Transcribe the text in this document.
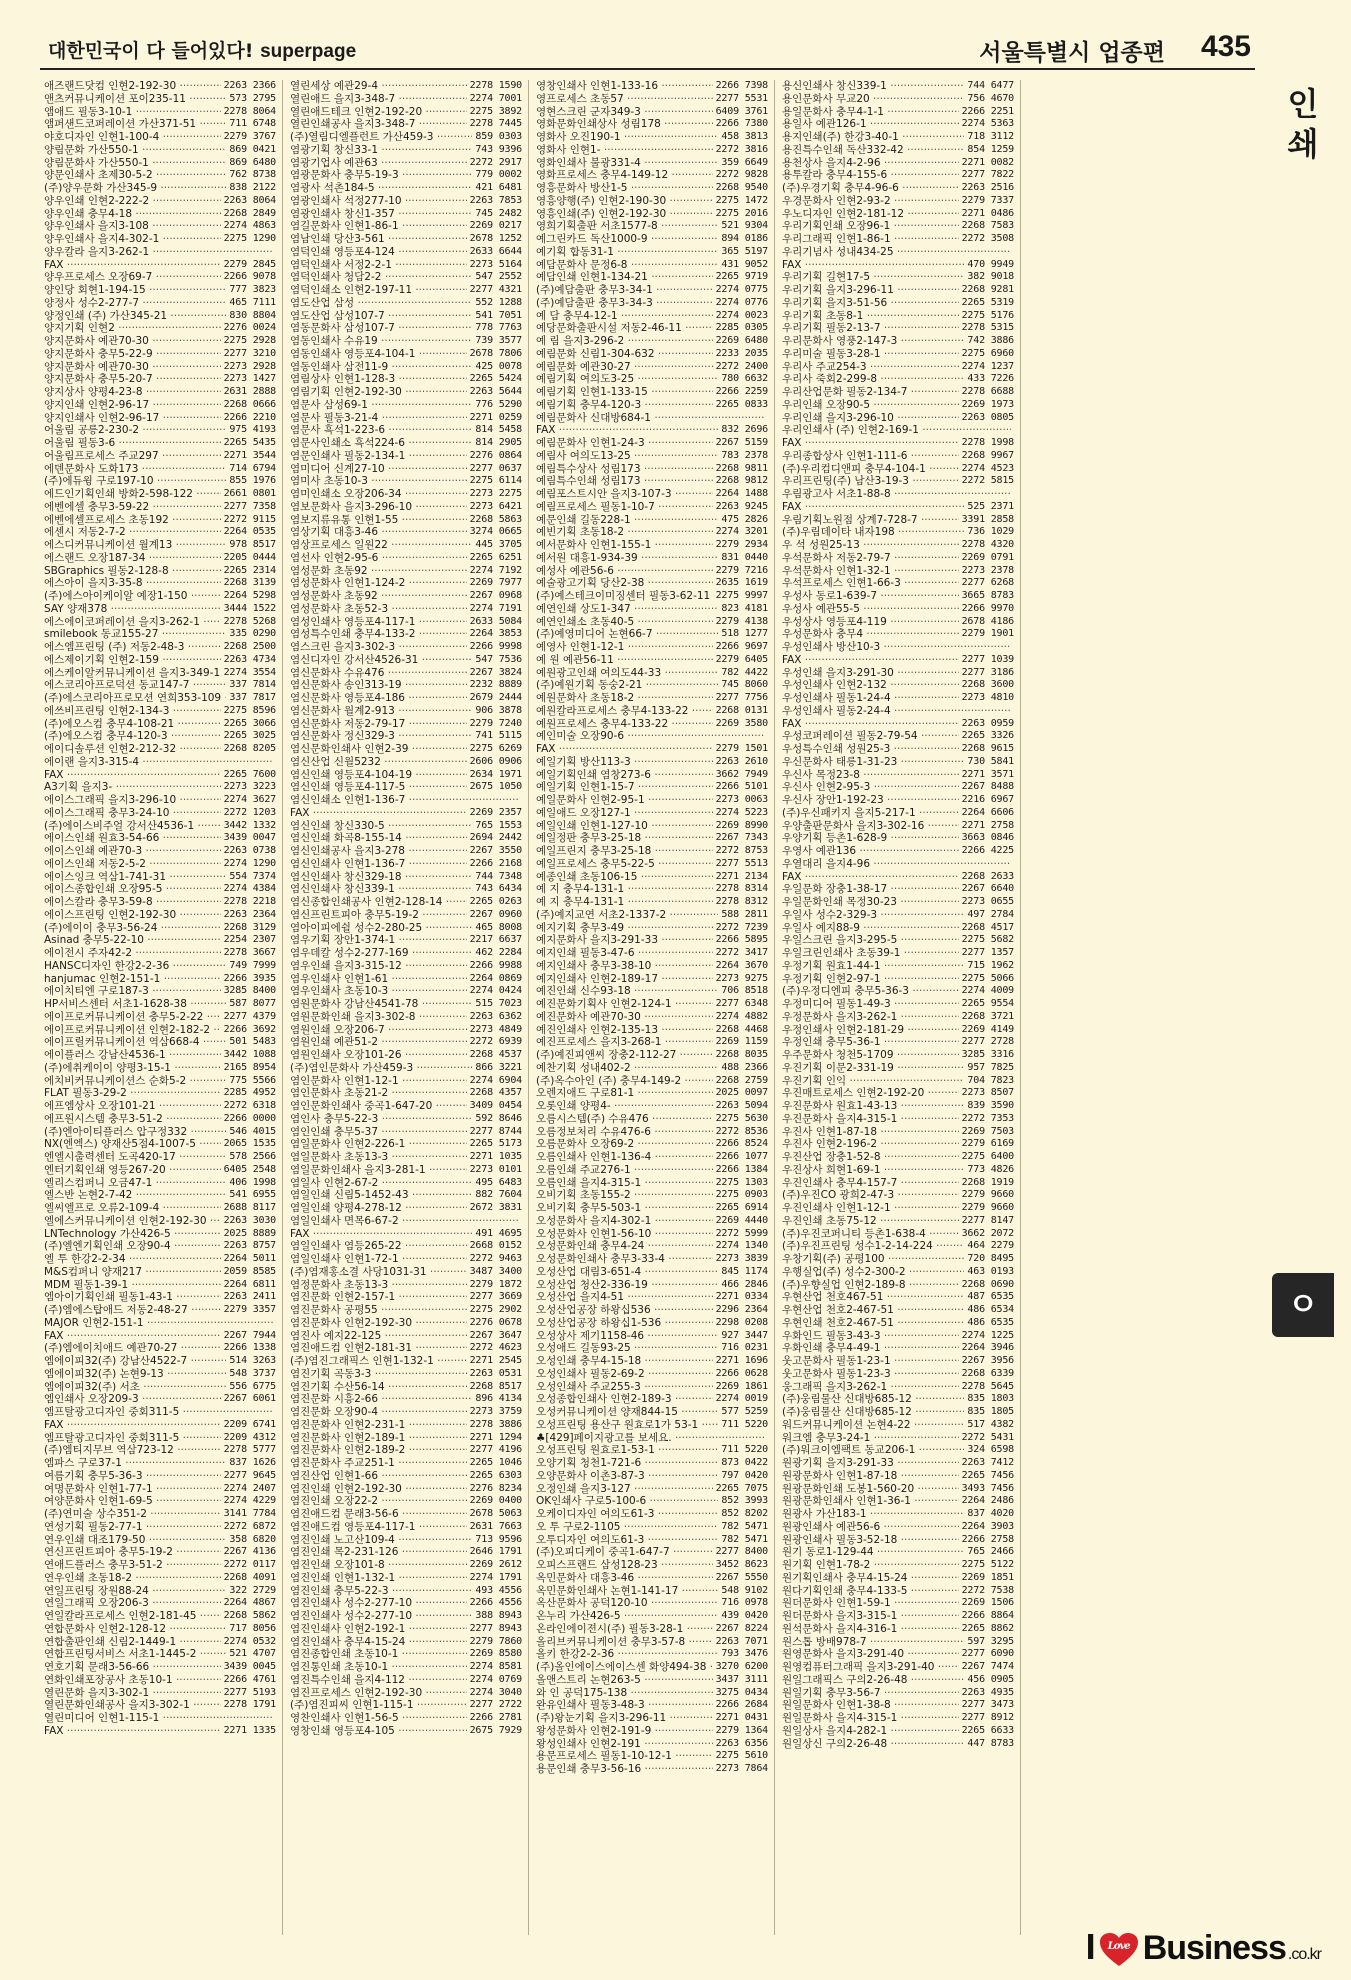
대한민국이 다 들어있다! superpage	서울특별시 업종편 435
인
쇄
ㅇ
애즈랜드닷컴 인현2-192-30 ·····	2263 2366
앤츠커뮤니케이션 포이235-11 ·····	573 2795
앰애드 필동3-10-1 ·····	2278 8064
앰퍼샌드코퍼레이션 가산371-51 ·····	711 6748
야호디자인 인현1-100-4 ·····	2279 3767
양림문화 가산550-1 ·····	869 0421
양림문화사 가산550-1 ·····	869 6480
양문인쇄사 초제30-5-2 ·····	762 8738
(주)양우문화 가산345-9 ·····	838 2122
양우인쇄 인현2-222-2 ·····	2263 8064
양우인쇄 충무4-18 ·····	2268 2849
양우인쇄사 을지3-108 ·····	2274 4863
양우인쇄사 을지4-302-1 ·····	2275 1290
양우칼라 을지3-262-1 ·····
FAX ·····	2279 2845
양우프로세스 오장69-7 ·····	2266 9078
양인당 회현1-194-15 ·····	777 3823
양정사 성수2-277-7 ·····	465 7111
양정인쇄 (주) 가산345-21 ·····	830 8804
양지기획 인현2 ·····	2276 0024
양지문화사 예관70-30 ·····	2275 2928
양지문화사 충무5-22-9 ·····	2277 3210
양지문화사 예관70-30 ·····	2273 2928
양지문화사 충무5-20-7 ·····	2273 1427
양지상사 양평4-23-8 ·····	2631 2888
양지인쇄 인현2-96-17 ·····	2268 0666
양지인쇄사 인현2-96-17 ·····	2266 2210
어울림 공릉2-230-2 ·····	975 4193
어울림 필동3-6 ·····	2265 5435
어울림프로세스 주교297 ·····	2271 3544
에덴문화사 도화173 ·····	714 6794
(주)에듀윙 구로197-10 ·····	855 1976
에드인기획인쇄 방화2-598-122 ·····	2661 0801
에벤에셀 충무3-59-22 ·····	2277 7358
에벤에셀프로세스 초동192 ·····	2272 9115
에센시 저동2-7-2 ·····	2264 0535
에스디커뮤니케이션 월계13 ·····	978 8517
에스랜드 오장187-34 ·····	2205 0444
SBGraphics 필동2-128-8 ·····	2265 2314
에스아이 을지3-35-8 ·····	2268 3139
(주)에스아이케이알 예장1-150 ·····	2264 5298
SAY 양재378 ·····	3444 1522
에스에이코퍼레이션 을지3-262-1 ·····	2278 5268
smilebook 동교155-27 ·····	335 0290
에스엠프린팅 (주) 저동2-48-3 ·····	2268 2500
에스제이기획 인현2-159 ·····	2263 4734
에스케이알커뮤니케이션 을지3-349-1 ····· 2274 3554
에스코리아프로덕션 동교147-7 ·····	337 7814
(주)에스코리아프로모션 연희353-109 ····· 337 7817
에쓰비프린팅 인현2-134-3 ·····	2275 8596
(주)에오스컴 충무4-108-21 ·····	2265 3066
(주)에오스컴 충무4-120-3 ·····	2265 3025
에이디솔루션 인현2-212-32 ·····	2268 8205
에이랜 을지3-315-4 ·····
FAX ·····	2265 7600
A3기획 을지3- ·····	2273 3223
에이스그래픽 을지3-296-10 ·····	2274 3627
에이스그래픽 충무3-24-10 ·····	2272 1203
(주)에이스비주얼 강서산4536-1 ·····	3442 1332
에이스인쇄 원효3-54-66 ·····	3439 0047
에이스인쇄 예관70-3 ·····	2263 0738
에이스인쇄 저동2-5-2 ·····	2274 1290
에이스잉크 역삼1-741-31 ·····	554 7374
에이스종합인쇄 오장95-5 ·····	2274 4384
에이스칼라 충무3-59-8 ·····	2278 2218
에이스프린팅 인현2-192-30 ·····	2263 2364
(주)에이이 충무3-56-24 ·····	2268 3129
Asinad 충무5-22-10 ·····	2254 2307
에이전시 주자42-2 ·····	2278 3667
HANSC디자인 한강2-2-36 ·····	749 7999
hanjumac 인현2-151-1 ·····	2266 3935
에이치티엔 구로187-3 ·····	3285 8400
HP서비스센터 서초1-1628-38 ·····	587 8077
에이프로커뮤니케이션 충무5-2-22 ·····	2277 4379
에이프로커뮤니케이션 인현2-182-2 ·····	2266 3692
에이프릴커뮤니케이션 역삼668-4 ·····	501 5483
에이플러스 강남산4536-1 ·····	3442 1088
(주)에취케이이 양평3-15-1 ·····	2165 8954
에치비커뮤니케이션스 순화5-2 ·····	775 5566
FLAT 필동3-29-2 ·····	2285 4952
에프엠상사 오장101-21 ·····	2272 6318
에프원시스템 충무3-51-2 ·····	2266 0000
(주)엔아이티플러스 압구정332 ·····	546 4015
NX(엔엑스) 양재산5점4-1007-5 ·····	2065 1535
엔엘시출력센터 도곡420-17 ·····	578 2566
엔터기획인쇄 영등267-20 ·····	6405 2548
엘리스컴퍼니 오금47-1 ·····	406 1998
엘스반 논현2-7-42 ·····	541 6955
엘씨엘프로 오류2-109-4 ·····	2688 8117
엘에스커뮤니케이션 인현2-192-30 ·····	2263 3030
LNTechnology 가산426-5 ·····	2025 8889
(주)엘엔기획인쇄 오장90-4 ·····	2263 8757
엘 투 한강2-2-34 ·····	2264 5011
M&S컴퍼니 양재217 ·····	2059 8585
MDM 필동1-39-1 ·····	2264 6811
엠아이기획인쇄 필동1-43-1 ·····	2263 2411
(주)엠에스탑애드 저동2-48-27 ·····	2279 3357
MAJOR 인현2-151-1 ·····
FAX ·····	2267 7944
(주)엠에이치애드 예관70-27 ·····	2266 1338
엠에이피32(주) 강남산4522-7 ·····	514 3263
엠에이피32(주) 논현9-13 ·····	548 3737
엠에이피32(주) 서초 ·····	556 6775
엠인쇄사 오장209-3 ·····	2267 6061
엠프탈광고디자인 중회311-5 ·····
FAX ·····	2209 6741
엠프탈광고디자인 중회311-5 ·····	2209 4312
(주)엠티지무브 역삼723-12 ·····	2278 5777
엠파스 구로37-1 ·····	837 1626
여름기획 충무5-36-3 ·····	2277 9645
여명문화사 인현1-77-1 ·····	2274 2407
여양문화사 인현1-69-5 ·····	2274 4229
(주)연미술 상수351-2 ·····	3141 7784
연성기획 필동2-77-1 ·····	2272 6872
연우인쇄 대조179-50 ·····	358 6820
연신프린트피아 충무5-19-2 ·····	2267 4136
연애드플러스 충무3-51-2 ·····	2272 0117
연우인쇄 초동18-2 ·····	2268 4091
연일프린팅 장원88-24 ·····	322 2729
연일그래픽 오장206-3 ·····	2264 4867
연일칼라프로세스 인현2-181-45 ·····	2268 5862
연합문화사 인현2-128-12 ·····	717 8056
연합출판인쇄 신림2-1449-1 ·····	2274 0532
연합프린팅서비스 서초1-1445-2 ·····	521 4707
연호기획 문래3-56-66 ·····	3439 0045
연화인쇄포장공사 초동10-1 ·····	2266 4761
열린문화 을지3-302-1 ·····	2277 5193
열린문화인쇄공사 을지3-302-1 ·····	2278 1791
열린미디어 인현1-115-1 ·····
FAX ·····	2271 1335
열린세상 예관29-4 ·····	2278 1590
열린애드 을지3-348-7 ·····	2274 7001
열린애드테크 인현2-192-20 ·····	2275 3892
열린인쇄공사 을지3-348-7 ·····	2278 7445
(주)열림디엘플런트 가산459-3 ·····	859 0303
염광기획 창신33-1 ·····	743 9396
염광기업사 예관63 ·····	2272 2917
염광문화사 충무5-19-3 ·····	779 0002
염광사 석촌184-5 ·····	421 6481
염광인쇄사 석정277-10 ·····	2263 7853
염광인쇄사 창신1-357 ·····	745 2482
염길문화사 인현1-86-1 ·····	2269 0217
염남인쇄 당산3-561 ·····	2678 1252
염덕인쇄 영등포4-124 ·····	2633 6644
염덕인쇄사 서정2-2-1 ·····	2273 5164
염덕인쇄사 청담2-2 ·····	547 2552
염덕인쇄소 인현2-197-11 ·····	2277 4321
염도산업 삼성 ·····	552 1288
염도산업 삼성107-7 ·····	541 7051
염동문화사 삼성107-7 ·····	778 7763
염동인쇄사 수유19 ·····	739 3577
염동인쇄사 영등포4-104-1 ·····	2678 7806
염동인쇄사 삼전11-9 ·····	425 0078
염림상사 인현1-128-3 ·····	2265 5424
염림기획 인현2-192-30 ·····	2263 5644
염문사 삼성69-1 ·····	776 5290
염문사 필동3-21-4 ·····	2271 0259
염문사 흑석1-223-6 ·····	814 5458
염문사인쇄소 흑석224-6 ·····	814 2905
염문인쇄사 필동2-134-1 ·····	2276 0864
염미디어 신계27-10 ·····	2277 0637
염미사 초동10-3 ·····	2275 6114
염미인쇄소 오장206-34 ·····	2273 2275
염보문화사 을지3-296-10 ·····	2273 6421
염보지류유통 인현1-55 ·····	2268 5863
염상기획 대흥3-46 ·····	3274 0665
염상프로세스 일원22 ·····	445 3705
염선사 인현2-95-6 ·····	2265 6251
염성문화 초동92 ·····	2274 7192
염성문화사 인현1-124-2 ·····	2269 7977
염성문화사 초동92 ·····	2267 0968
염성문화사 초동52-3 ·····	2274 7191
염성인쇄사 영등포4-117-1 ·····	2633 5084
염성특수인쇄 충무4-133-2 ·····	2264 3853
염스크린 을지3-302-3 ·····	2266 9998
염신디자인 강서산4526-31 ·····	547 7536
염신문화사 수유476 ·····	2267 3824
염신문화사 송인313-19 ·····	2232 8889
염신문화사 영등포4-186 ·····	2679 2444
염신문화사 월계2-913 ·····	906 3878
염신문화사 저동2-79-17 ·····	2279 7240
염신문화사 정신329-3 ·····	741 5115
염신문화인쇄사 인현2-39 ·····	2275 6269
염신산업 신월5232 ·····	2606 0906
염신인쇄 영등포4-104-19 ·····	2634 1971
염신인쇄 영등포4-117-5 ·····	2675 1050
염신인쇄소 인현1-136-7 ·····
FAX ·····	2269 2357
염신인쇄 창신330-5 ·····	765 1553
염신인쇄 화곡8-155-14 ·····	2694 2442
염신인쇄공사 을지3-278 ·····	2267 3550
염신인쇄사 인현1-136-7 ·····	2266 2168
염신인쇄사 창신329-18 ·····	744 7348
염신인쇄사 창신339-1 ·····	743 6434
염신종합인쇄공사 인현2-128-14 ·····	2265 0263
염신프린트피아 충무5-19-2 ·····	2267 0960
염아이피에쉴 성수2-280-25 ·····	465 8008
염우기획 장안1-374-1 ·····	2217 6637
염우데칼 성수2-277-169 ·····	462 2284
염우인쇄 을지3-315-12 ·····	2266 9988
염우인쇄사 인현1-61 ·····	2264 0869
염우인쇄사 초동10-3 ·····	2274 0424
염원문화사 강남산4541-78 ·····	515 7023
염원문화인쇄 을지3-302-8 ·····	2263 6362
염원인쇄 오장206-7 ·····	2273 4849
염원인쇄 예관51-2 ·····	2272 6939
염원인쇄사 오장101-26 ·····	2268 4537
(주)염인문화사 가산459-3 ·····	866 3221
염인문화사 인현1-12-1 ·····	2274 6904
염인문화사 초동21-2 ·····	2268 4357
염인문화인쇄사 중곡1-647-20 ·····	3409 0454
염인사 충무5-22-3 ·····	592 8646
염인인쇄 충무5-37 ·····	2277 8744
염일문화사 인현2-226-1 ·····	2265 5173
염일문화사 초동13-3 ·····	2271 1035
염일문화인쇄사 을지3-281-1 ·····	2273 0101
염일사 인현2-67-2 ·····	495 6483
염일인쇄 신림5-1452-43 ·····	882 7604
염일인쇄 양평4-278-12 ·····	2672 3831
염일인쇄사 면목6-67-2 ·····
FAX ·····	491 4695
염일인쇄사 염등265-22 ·····	2668 0152
염일인쇄사 인현1-72-1 ·····	2272 9463
(주)염재홍소결 사당1031-31 ·····	3487 3400
염정문화사 초동13-3 ·····	2279 1872
염진문화 인현2-157-1 ·····	2277 3669
염진문화사 공평55 ·····	2275 2902
염진문화사 인현2-192-30 ·····	2276 0678
염진사 예지22-125 ·····	2267 3647
염진애드컴 인현2-181-31 ·····	2272 4623
(주)염진그래픽스 인현1-132-1 ·····	2271 2545
염진기획 곡동3-3 ·····	2263 0531
염진기획 수산56-14 ·····	2268 8517
염진문화 시흥2-66 ·····	896 4134
염진문화 오장90-4 ·····	2273 3759
염진문화사 인현2-231-1 ·····	2278 3886
염진문화사 인현2-189-1 ·····	2271 1294
염진문화사 인현2-189-2 ·····	2277 4196
염진문화사 주교251-1 ·····	2265 1046
염진산업 인현1-66 ·····	2265 6303
염진인쇄 인현2-192-30 ·····	2276 8234
염진인쇄 오장22-2 ·····	2269 0400
염진애드컴 문래3-56-6 ·····	2678 5063
염진애드컴 영등포4-117-1 ·····	2631 7663
염진인쇄 노고산109-4 ·····	713 9596
염진인쇄 목2-231-126 ·····	2646 1791
염진인쇄 오장101-8 ·····	2269 2612
염진인쇄 인현1-132-1 ·····	2274 1791
염진인쇄 충무5-22-3 ·····	493 4556
염진인쇄사 성수2-277-10 ·····	2266 4556
염진인쇄사 성수2-277-10 ·····	388 8943
염진인쇄사 인현2-192-1 ·····	2277 8943
염진인쇄사 충무4-15-24 ·····	2279 7860
염진종합인쇄 초동10-1 ·····	2269 8580
염진통인쇄 초동10-1 ·····	2274 8581
염진특수인쇄 을지4-112 ·····	2274 0769
염진프로세스 인현2-192-30 ·····	2274 3040
(주)염진피씨 인현1-115-1 ·····	2277 2722
영찬인쇄사 인현1-56-5 ·····	2266 2781
영창인쇄 영등포4-105 ·····	2675 7929
영창인쇄사 인현1-133-16 ·····	2266 7398
영프로세스 초동57 ·····	2277 5531
영현스크린 군자349-3 ·····	6409 3761
영화문화인쇄상사 성림178 ·····	2266 7380
영화사 오진190-1 ·····	458 3813
영화사 인현1- ·····	2272 3816
영화인쇄사 불광331-4 ·····	359 6649
영화프로세스 충무4-149-12 ·····	2272 9828
영흥문화사 방산1-5 ·····	2268 9540
영흥양행(주) 인현2-190-30 ·····	2275 1472
영흥인쇄(주) 인현2-192-30 ·····	2275 2016
영희기획출판 서초1577-8 ·····	521 9304
예그린카드 독산1000-9 ·····	894 0186
예기획 합동31-1 ·····	365 5197
예담문화사 문정6-8 ·····	431 9052
예담인쇄 인현1-134-21 ·····	2265 9719
(주)예담출판 충무3-34-1 ·····	2274 0775
(주)예담출판 충무3-34-3 ·····	2274 0776
예 담 충무4-12-1 ·····	2274 0023
예당문화출판시설 저동2-46-11 ·····	2285 0305
예 림 을지3-296-2 ·····	2269 6480
예림문화 신림1-304-632 ·····	2233 2035
예림문화 예관30-27 ·····	2272 2400
예림기획 여의도3-25 ·····	780 6632
예림기획 인현1-133-15 ·····	2266 2259
예림기획 충무4-120-3 ·····	2265 0833
예림문화사 신대방684-1 ·····
FAX ·····	832 2696
예림문화사 인현1-24-3 ·····	2267 5159
예림사 여의도13-25 ·····	783 2378
예림특수상사 성림173 ·····	2268 9811
예림특수인쇄 성림173 ·····	2268 9812
예림포스트시안 을지3-107-3 ·····	2264 1488
예림프로세스 필동1-10-7 ·····	2263 9245
예문인쇄 길동228-1 ·····	475 2826
예빈기획 초동18-2 ·····	2274 3201
예서문화사 인현1-155-1 ·····	2279 2934
예서원 대흥1-934-39 ·····	831 0440
예성사 예관56-6 ·····	2279 7216
예술광고기획 당산2-38 ·····	2635 1619
(주)예스테크이미징센터 필동3-62-11 ····· 2275 9997
예연인쇄 상도1-347 ·····	823 4181
예연인쇄소 초동40-5 ·····	2279 4138
(주)예영미디어 논현66-7 ·····	518 1277
예영사 인현1-12-1 ·····	2266 9697
예 원 예관56-11 ·····	2279 6405
예원광고인쇄 여의도44-33 ·····	782 4422
(주)예원기획 동숭2-21 ·····	745 8060
예원문화사 초동18-2 ·····	2277 7756
예원칼라프로세스 충무4-133-22 ·····	2268 0131
예원프로세스 충무4-133-22 ·····	2269 3580
예인미술 오장90-6 ·····
FAX ·····	2279 1501
예일기획 방산113-3 ·····	2263 2610
예일기획인쇄 염창273-6 ·····	3662 7949
예일기획 인현1-15-7 ·····	2266 5101
예일문화사 인현2-95-1 ·····	2273 0063
예일애드 오장127-1 ·····	2274 5223
예일인쇄 인현1-127-10 ·····	2269 8990
예일정판 충무3-25-18 ·····	2267 7343
예일프린지 충무3-25-18 ·····	2272 8753
예일프로세스 충무5-22-5 ·····	2277 5513
예종인쇄 초동106-15 ·····	2271 2134
예 지 충무4-131-1 ·····	2278 8314
예 지 충무4-131-1 ·····	2278 8312
(주)예지교연 서초2-1337-2 ·····	588 2811
예지기획 충무3-49 ·····	2272 7239
예지문화사 을지3-291-33 ·····	2266 5895
예지인쇄 필동3-47-6 ·····	2272 3417
예지인쇄사 충무3-38-10 ·····	2264 3670
예지인쇄사 인현2-189-17 ·····	2273 9275
예진인쇄 신수93-18 ·····	706 8518
예진문화기획사 인현2-124-1 ·····	2277 6348
예진문화사 예관70-30 ·····	2274 4882
예진인쇄사 인현2-135-13 ·····	2268 4468
예진프로세스 을지3-268-1 ·····	2269 1159
(주)예진피앤씨 장충2-112-27 ·····	2268 8035
예찬기획 성내402-2 ·····	488 2366
(주)옥수아인 (주) 충무4-149-2 ·····	2268 2759
오렌지애드 구로81-1 ·····	2025 0097
오롯인쇄 양평4- ·····	2263 5094
오름시스템(주) 수유476 ·····	2275 5630
오름정보처리 수유476-6 ·····	2272 8536
오름문화사 오장69-2 ·····	2266 8524
오름인쇄사 인현1-136-4 ·····	2266 1077
오름인쇄 주교276-1 ·····	2266 1384
오름인쇄 을지4-315-1 ·····	2275 1303
오비기획 초동155-2 ·····	2275 0903
오비기획 충무5-503-1 ·····	2265 6914
오성문화사 을지4-302-1 ·····	2269 4440
오성문화사 인현1-56-10 ·····	2272 5999
오성문화인쇄 충무4-24 ·····	2274 1340
오성문화인쇄사 충무3-33-4 ·····	2273 3839
오성산업 대림3-651-4 ·····	845 1174
오성산업 청산2-336-19 ·····	466 2846
오성산업 을지4-51 ·····	2271 0334
오성산업공장 하왕십536 ·····	2296 2364
오성산업공장 하왕십1-536 ·····	2298 0208
오성상사 제기1158-46 ·····	927 3447
오성애드 길동93-25 ·····	716 0231
오성인쇄 충무4-15-18 ·····	2271 1696
오성인쇄사 필동2-69-2 ·····	2266 0628
오성인쇄사 주교255-3 ·····	2269 1861
오성종합인쇄사 인현2-189-3 ·····	2274 0019
오성커뮤니케이션 양재844-15 ·····	577 5259
오성프린팅 용산구 원효로1가 53-1 ·····	711 5220
♣[429]페이지광고를 보세요. ·····
오성프린팅 원효로1-53-1 ·····	711 5220
오양기획 청천1-721-6 ·····	873 0422
오양문화사 이촌3-87-3 ·····	797 0420
오정인쇄 을지3-127 ·····	2265 7075
OK인쇄사 구로5-100-6 ·····	852 3993
오케이디자인 여의도61-3 ·····	852 8202
오 투 구로2-1105 ·····	782 5471
오투디자인 여의도61-3 ·····	782 5471
(주)오피디케이 중곡1-647-7 ·····	2277 8400
오피스프랜드 삼성128-23 ·····	3452 8623
옥민문화사 대흥3-46 ·····	2267 5550
옥민문화인쇄사 논현1-141-17 ·····	548 9102
옥산문화사 공덕120-10 ·····	716 0978
온누리 가산426-5 ·····	439 0420
온라인에이젼시(주) 필동3-28-1 ·····	2267 8224
올리브커뮤니케이션 충무3-57-8 ·····	2263 7071
올키 한강2-2-36 ·····	793 3476
(주)올인에이스에이스센 화양494-38 ····· 3270 6200
올앤스트리 논현263-5 ·····	3437 3111
와 인 공덕175-138 ·····	3275 0434
완유인쇄사 필동3-48-3 ·····	2266 2684
(주)왕눈기획 을지3-296-11 ·····	2271 0431
왕성문화사 인현2-191-9 ·····	2279 1364
왕성인쇄사 인현2-191 ·····	2263 6356
용문프로세스 필동1-10-12-1 ·····	2275 5610
용문인쇄 충무3-56-16 ·····	2273 7864
용신인쇄사 창신339-1 ·····	744 6477
용인문화사 무교20 ·····	756 4670
용일문화사 충무4-1-1 ·····	2266 2251
용일사 예관126-1 ·····	2274 5363
용지인쇄(주) 한강3-40-1 ·····	718 3112
용진특수인쇄 독산332-42 ·····	854 1259
용천상사 을지4-2-96 ·····	2271 0082
용투칼라 충무4-155-6 ·····	2277 7822
(주)우경기획 충무4-96-6 ·····	2263 2516
우경문화사 인현2-93-2 ·····	2279 7337
우노디자인 인현2-181-12 ·····	2271 0486
우리기획인쇄 오장96-1 ·····	2268 7583
우리그래픽 인현1-86-1 ·····	2272 3508
우리기념사 성내434-25 ·····
FAX ·····	470 9949
우리기획 길현17-5 ·····	382 9018
우리기획 을지3-296-11 ·····	2268 9281
우리기획 을지3-51-56 ·····	2265 5319
우리기획 초동8-1 ·····	2275 5176
우리기획 필동2-13-7 ·····	2278 5315
우리문화사 영풍2-147-3 ·····	742 3886
우리미술 필동3-28-1 ·····	2275 6960
우리사 주교254-3 ·····	2274 1237
우리사 죽회2-299-8 ·····	433 7226
우리산업문화 필동2-134-7 ·····	2278 6688
우리인쇄 오장90-5 ·····	2269 1973
우리인쇄 을지3-296-10 ·····	2263 0805
우리인쇄사 (주) 인현2-169-1 ·····
FAX ·····	2278 1998
우리종합상사 인현1-111-6 ·····	2268 9967
(주)우리컴디앤피 충무4-104-1 ·····	2274 4523
우리프린팅(주) 남산3-19-3 ·····	2272 5815
우림광고사 서초1-88-8 ·····
FAX ·····	525 2371
우림기획노원점 상계7-728-7 ·····	3391 2858
(주)우림데이타 내자198 ·····	736 1029
우 석 성원25-13 ·····	2278 4320
우석문화사 저동2-79-7 ·····	2269 0791
우석문화사 인현1-32-1 ·····	2273 2378
우석프로세스 인현1-66-3 ·····	2277 6268
우성사 동로1-639-7 ·····	3665 8783
우성사 예관55-5 ·····	2266 9970
우성상사 영등포4-119 ·····	2678 4186
우성문화사 충무4 ·····	2279 1901
우성인쇄사 방산10-3 ·····
FAX ·····	2277 1039
우성인쇄 을지3-291-30 ·····	2277 3186
우성인쇄사 인현2-132 ·····	2268 3600
우성인쇄사 필동1-24-4 ·····	2273 4810
우성인쇄사 필동2-24-4 ·····
FAX ·····	2263 0959
우성코퍼레이션 필동2-79-54 ·····	2265 3326
우성특수인쇄 성원25-3 ·····	2268 9615
우신문화사 태릉1-31-23 ·····	730 5841
우신사 목정23-8 ·····	2271 3571
우신사 인현2-95-3 ·····	2267 8488
우신사 장안1-192-23 ·····	2216 6967
(주)우신패키지 을지5-217-1 ·····	2264 6606
우양출판문화사 을지3-302-16 ·····	2271 2758
우양기획 등촌1-628-9 ·····	3663 0846
우영사 예관136 ·····	2266 4225
우열대리 을지4-96 ·····
FAX ·····	2268 2633
우일문화 장충1-38-17 ·····	2267 6640
우일문화인쇄 목정30-23 ·····	2273 0655
우일사 성수2-329-3 ·····	497 2784
우일사 예지88-9 ·····	2268 4517
우일스크린 을지3-295-5 ·····	2275 5682
우일크린인쇄사 초동39-1 ·····	2277 1357
우정기획 원효1-44-1 ·····	715 1962
우정기획 인현2-97-1 ·····	2275 5066
(주)우정디엔피 충무5-36-3 ·····	2274 4009
우정미디어 필동1-49-3 ·····	2265 9554
우정문화사 을지3-262-1 ·····	2268 3721
우정인쇄사 인현2-181-29 ·····	2269 4149
우정인쇄 충무5-36-1 ·····	2277 2728
우주문화사 청천5-1709 ·····	3285 3316
우진기획 이문2-331-19 ·····	957 7825
우진기획 인익 ·····	704 7823
우진매트로세스 인현2-192-20 ·····	2273 8507
우진문화사 원효1-43-13 ·····	839 3590
우진문화사 을지4-315-1 ·····	2272 7353
우진사 인현1-87-18 ·····	2269 7503
우진사 인현2-196-2 ·····	2279 6169
우진산업 장충1-52-8 ·····	2275 6400
우진상사 희현1-69-1 ·····	773 4826
우진인쇄사 충무4-157-7 ·····	2268 1919
(주)우진CO 광희2-47-3 ·····	2279 9660
우진인쇄사 인현1-12-1 ·····	2279 9660
우진인쇄 초동75-12 ·····	2277 8147
(주)우진코퍼니티 등촌1-638-4 ·····	3662 2072
(주)우진프린팅 성수1-2-14-224 ·····	464 2279
우창기획(주) 공평100 ·····	720 8495
우행실업(주) 성수2-300-2 ·····	463 0193
(주)우향실업 인현2-189-8 ·····	2268 0690
우현산업 천호467-51 ·····	487 6535
우현산업 천호2-467-51 ·····	486 6534
우현인쇄 천호2-467-51 ·····	486 6535
우화인드 필동3-43-3 ·····	2274 1225
우화인쇄 충무4-49-1 ·····	2264 3946
웃고문화사 필동1-23-1 ·····	2267 3956
웃고문화사 필동1-23-3 ·····	2268 6339
웅그래픽 을지3-262-1 ·····	2278 5645
(주)웅림물산 신대방685-12 ·····	835 1803
(주)웅림물산 신대방685-12 ·····	835 1805
워드커뮤니케이션 논현4-22 ·····	517 4382
워크엠 충무3-24-1 ·····	2272 5431
(주)워크이엠팩트 동교206-1 ·····	324 6598
원광기획 을지3-291-33 ·····	2263 7412
원광문화사 인현1-87-18 ·····	2265 7456
원광문화인쇄 도봉1-560-20 ·····	3493 7456
원광문화인쇄사 인현1-36-1 ·····	2264 2486
원광사 가산183-1 ·····	837 4020
원광인쇄사 예관56-6 ·····	2264 3903
원광인쇄사 필동3-52-18 ·····	2266 2758
원기 동로1-129-44 ·····	765 2466
원기획 인현1-78-2 ·····	2275 5122
원기획인쇄사 충무4-15-24 ·····	2269 1851
원다기획인쇄 충무4-133-5 ·····	2272 7538
원더문화사 인현1-59-1 ·····	2269 1506
원더문화사 을지3-315-1 ·····	2266 8864
원석문화사 을지4-316-1 ·····	2265 8862
원스톱 방배978-7 ·····	597 3295
원영문화사 을지3-291-40 ·····	2277 6090
원영컴퓨터그래픽 을지3-291-40 ·····	2267 7474
원일그래픽스 구의2-26-48 ·····	456 0905
원일기획 충무3-56-7 ·····	2263 4935
원일문화사 인현1-38-8 ·····	2277 3473
원일문화사 을지4-315-1 ·····	2277 8912
원일상사 을지4-282-1 ·····	2265 6633
원일상신 구의2-26-48 ·····	447 8783
I	Love Business .co.kr
